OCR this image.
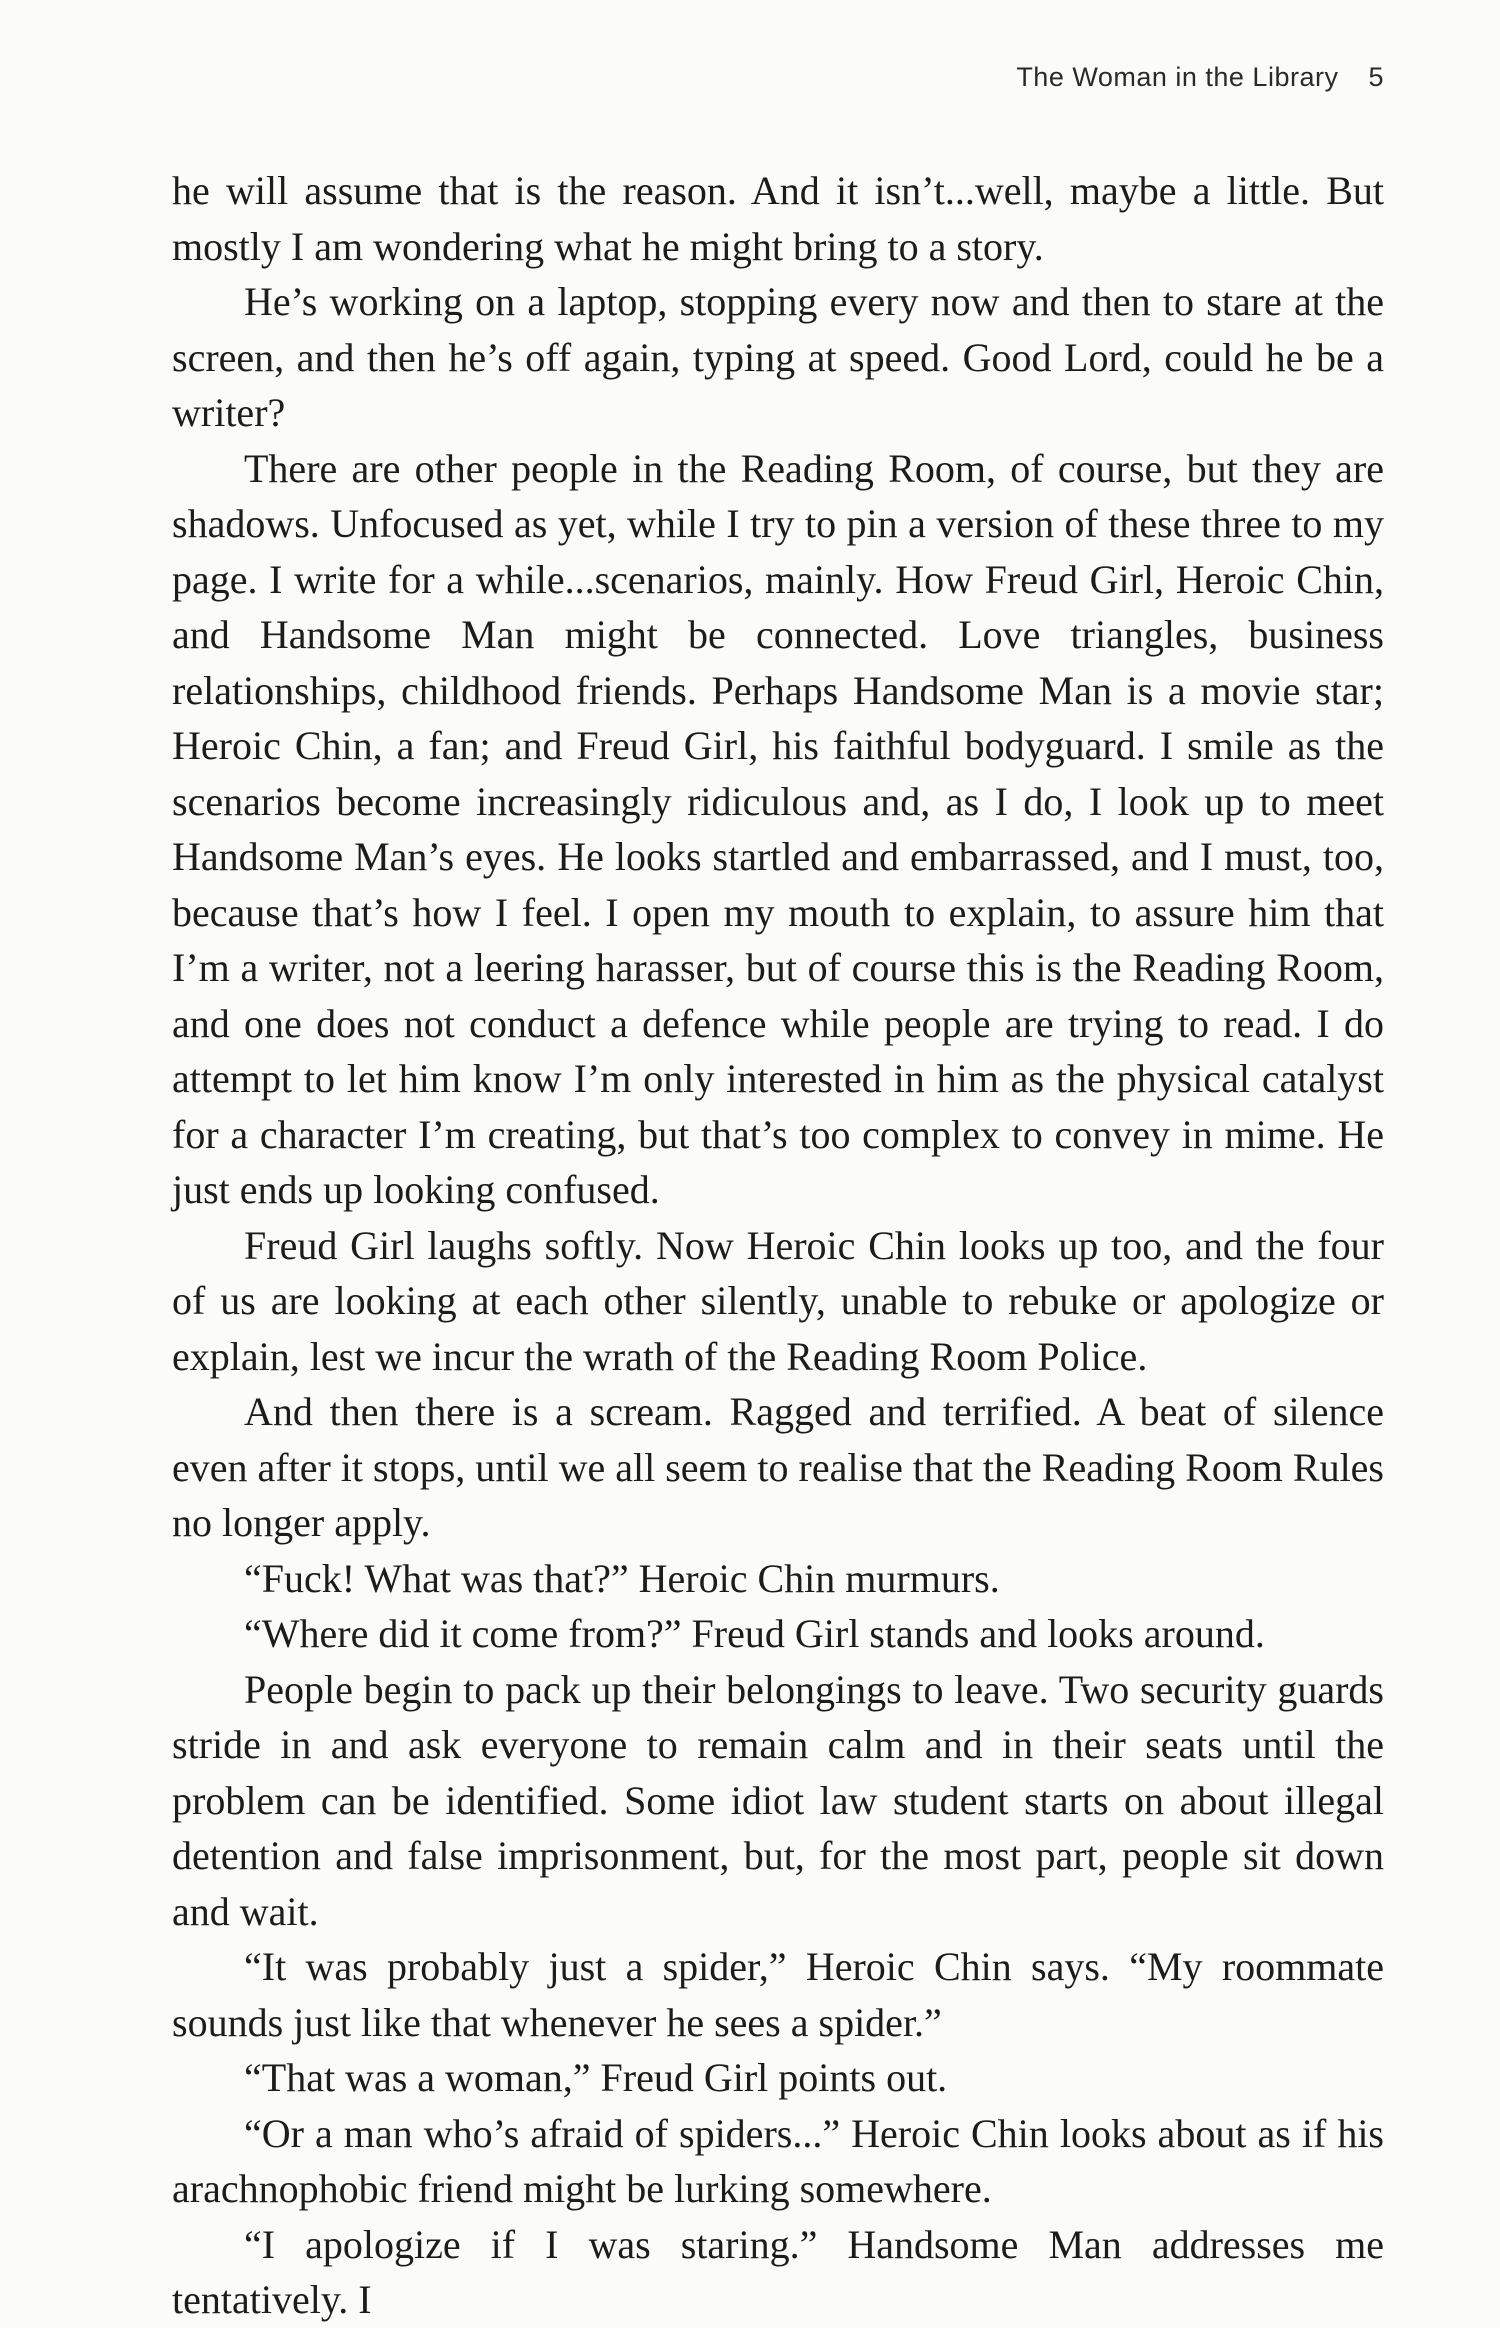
The Woman in the Library 5

he will assume that is the reason. And it isn’t...well, maybe a little. But mostly I am wondering what he might bring to a story.

He’s working on a laptop, stopping every now and then to stare at the screen, and then he’s off again, typing at speed. Good Lord, could he be a writer?

There are other people in the Reading Room, of course, but they are shadows. Unfocused as yet, while I try to pin a version of these three to my page. I write for a while...scenarios, mainly. How Freud Girl, Heroic Chin, and Handsome Man might be connected. Love triangles, business relationships, childhood friends. Perhaps Handsome Man is a movie star; Heroic Chin, a fan; and Freud Girl, his faithful bodyguard. I smile as the scenarios become increasingly ridiculous and, as I do, I look up to meet Handsome Man’s eyes. He looks startled and embarrassed, and I must, too, because that’s how I feel. I open my mouth to explain, to assure him that I’m a writer, not a leering harasser, but of course this is the Reading Room, and one does not conduct a defence while people are trying to read. I do attempt to let him know I’m only interested in him as the physical catalyst for a character I’m creating, but that’s too complex to convey in mime. He just ends up looking confused.

Freud Girl laughs softly. Now Heroic Chin looks up too, and the four of us are looking at each other silently, unable to rebuke or apologize or explain, lest we incur the wrath of the Reading Room Police.

And then there is a scream. Ragged and terrified. A beat of silence even after it stops, until we all seem to realise that the Reading Room Rules no longer apply.

“Fuck! What was that?” Heroic Chin murmurs.

“Where did it come from?” Freud Girl stands and looks around.

People begin to pack up their belongings to leave. Two security guards stride in and ask everyone to remain calm and in their seats until the problem can be identified. Some idiot law student starts on about illegal detention and false imprisonment, but, for the most part, people sit down and wait.

“It was probably just a spider,” Heroic Chin says. “My roommate sounds just like that whenever he sees a spider.”

“That was a woman,” Freud Girl points out.

“Or a man who’s afraid of spiders...” Heroic Chin looks about as if his arachnophobic friend might be lurking somewhere.

“I apologize if I was staring.” Handsome Man addresses me tentatively. I
